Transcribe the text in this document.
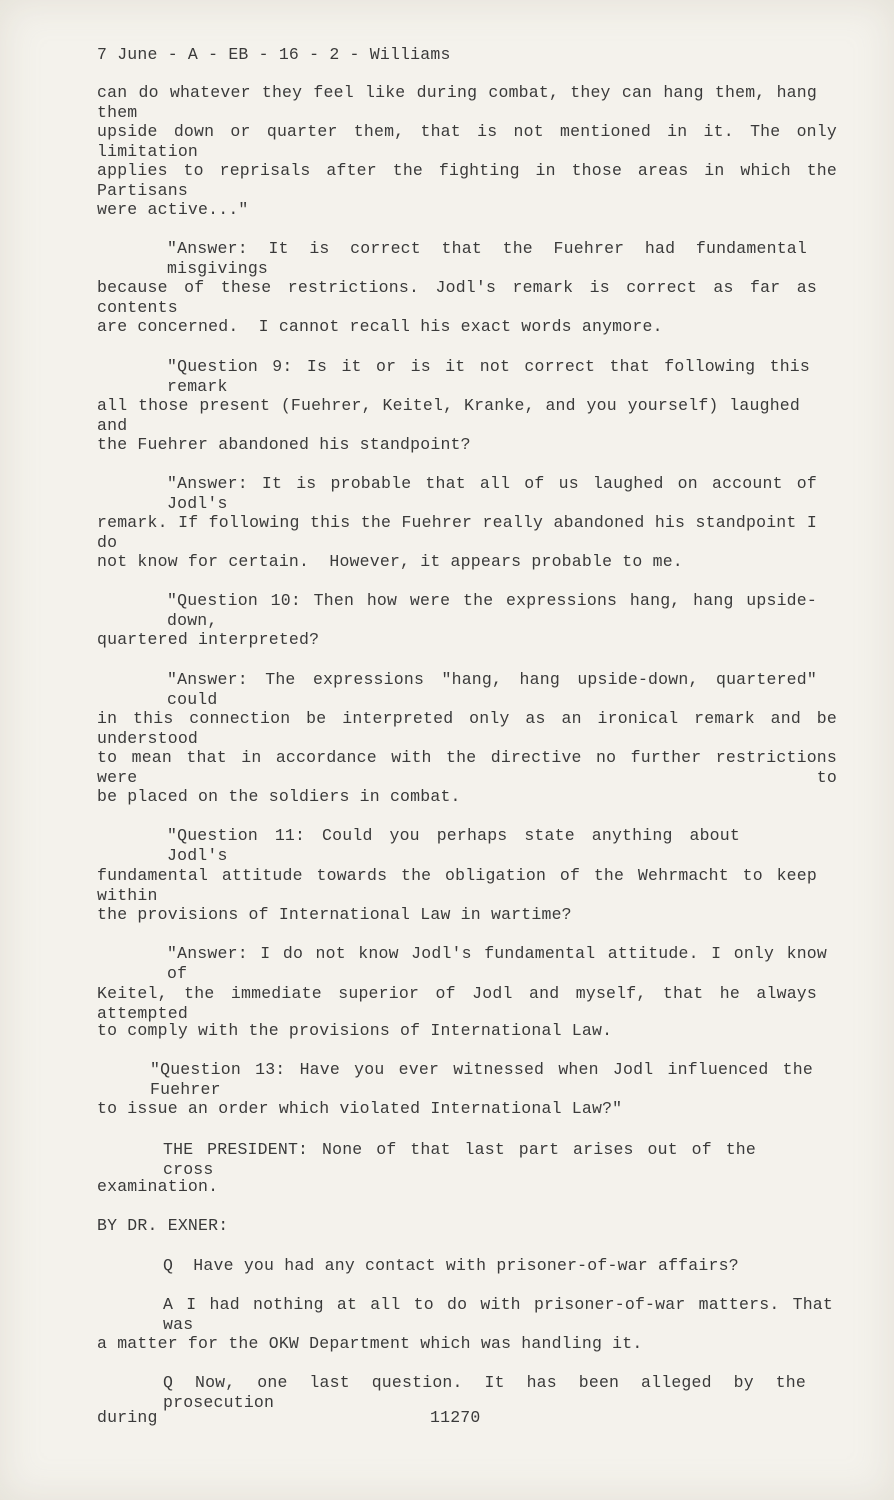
7 June - A - EB - 16 - 2 - Williams
can do whatever they feel like during combat, they can hang them, hang them
upside down or quarter them, that is not mentioned in it. The only limitation
applies to reprisals after the fighting in those areas in which the Partisans
were active..."
"Answer: It is correct that the Fuehrer had fundamental misgivings
because of these restrictions. Jodl's remark is correct as far as contents
are concerned.  I cannot recall his exact words anymore.
"Question 9: Is it or is it not correct that following this remark
all those present (Fuehrer, Keitel, Kranke, and you yourself) laughed and
the Fuehrer abandoned his standpoint?
"Answer: It is probable that all of us laughed on account of Jodl's
remark. If following this the Fuehrer really abandoned his standpoint I do
not know for certain.  However, it appears probable to me.
"Question 10: Then how were the expressions hang, hang upside-down,
quartered interpreted?
"Answer: The expressions "hang, hang upside-down, quartered" could
in this connection be interpreted only as an ironical remark and be understood
to mean that in accordance with the directive no further restrictions were to
be placed on the soldiers in combat.
"Question 11: Could you perhaps state anything about Jodl's
fundamental attitude towards the obligation of the Wehrmacht to keep within
the provisions of International Law in wartime?
"Answer: I do not know Jodl's fundamental attitude. I only know of
Keitel, the immediate superior of Jodl and myself, that he always attempted
to comply with the provisions of International Law.
"Question 13: Have you ever witnessed when Jodl influenced the Fuehrer
to issue an order which violated International Law?"
THE PRESIDENT: None of that last part arises out of the cross
examination.
BY DR. EXNER:
Q  Have you had any contact with prisoner-of-war affairs?
A I had nothing at all to do with prisoner-of-war matters. That was
a matter for the OKW Department which was handling it.
Q Now, one last question. It has been alleged by the prosecution
during	11270
